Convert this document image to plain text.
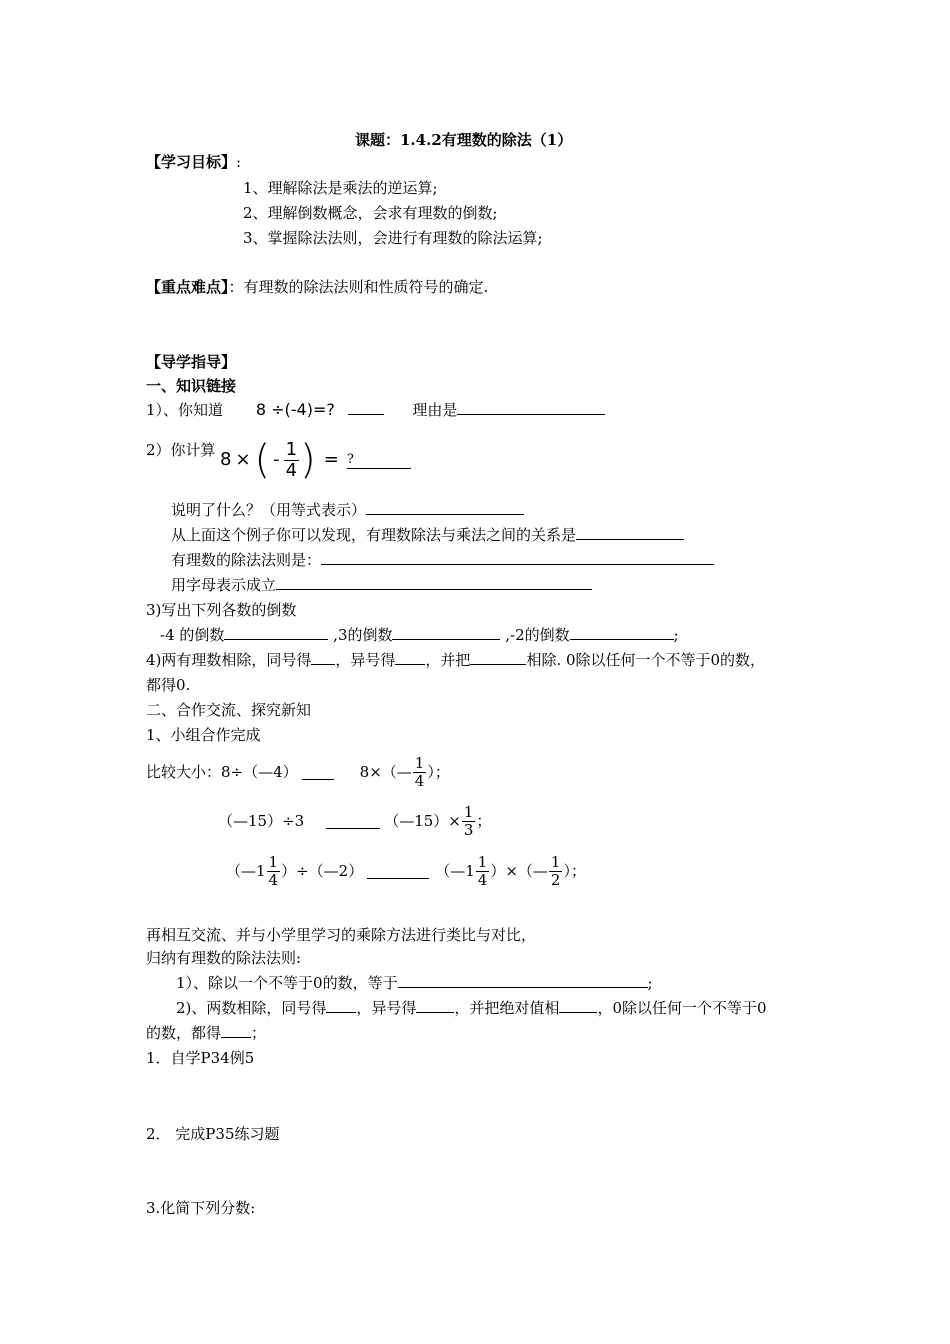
课题：1.4.2有理数的除法（1）
【学习目标】:
1、理解除法是乘法的逆运算;
2、理解倒数概念，会求有理数的倒数;
3、掌握除法法则，会进行有理数的除法运算;
【重点难点】：有理数的除法法则和性质符号的确定.
【导学指导】
一、知识链接
1）、你知道 8 ÷(-4)=?	理由是
2）你计算 8 × ( - $\frac{1}{4}$ ) = ?
说明了什么？（用等式表示）
从上面这个例子你可以发现，有理数除法与乘法之间的关系是
有理数的除法法则是：
用字母表示成立
3)写出下列各数的倒数
-4 的倒数	,3的倒数	,-2的倒数	;
4)两有理数相除，同号得 ，异号得 ，并把	相除. 0除以任何一个不等于0的数，
都得0.
二、合作交流、探究新知
1、小组合作完成
比较大小：8÷（—4）	8×（— $\frac{1}{4}$ ）；
（—15）÷3	（—15）× $\frac{1}{3}$ ；
（—1 $\frac{1}{4}$ ）÷（—2）	（—1 $\frac{1}{4}$ ）×（— $\frac{1}{2}$ ）；
再相互交流、并与小学里学习的乘除方法进行类比与对比，
归纳有理数的除法法则:
1）、除以一个不等于0的数，等于	;
2)、两数相除，同号得 ，异号得	，并把绝对值相	，0除以任何一个不等于0
的数，都得 ；
1．自学P34例5
2． 完成P35练习题
3.化简下列分数:
